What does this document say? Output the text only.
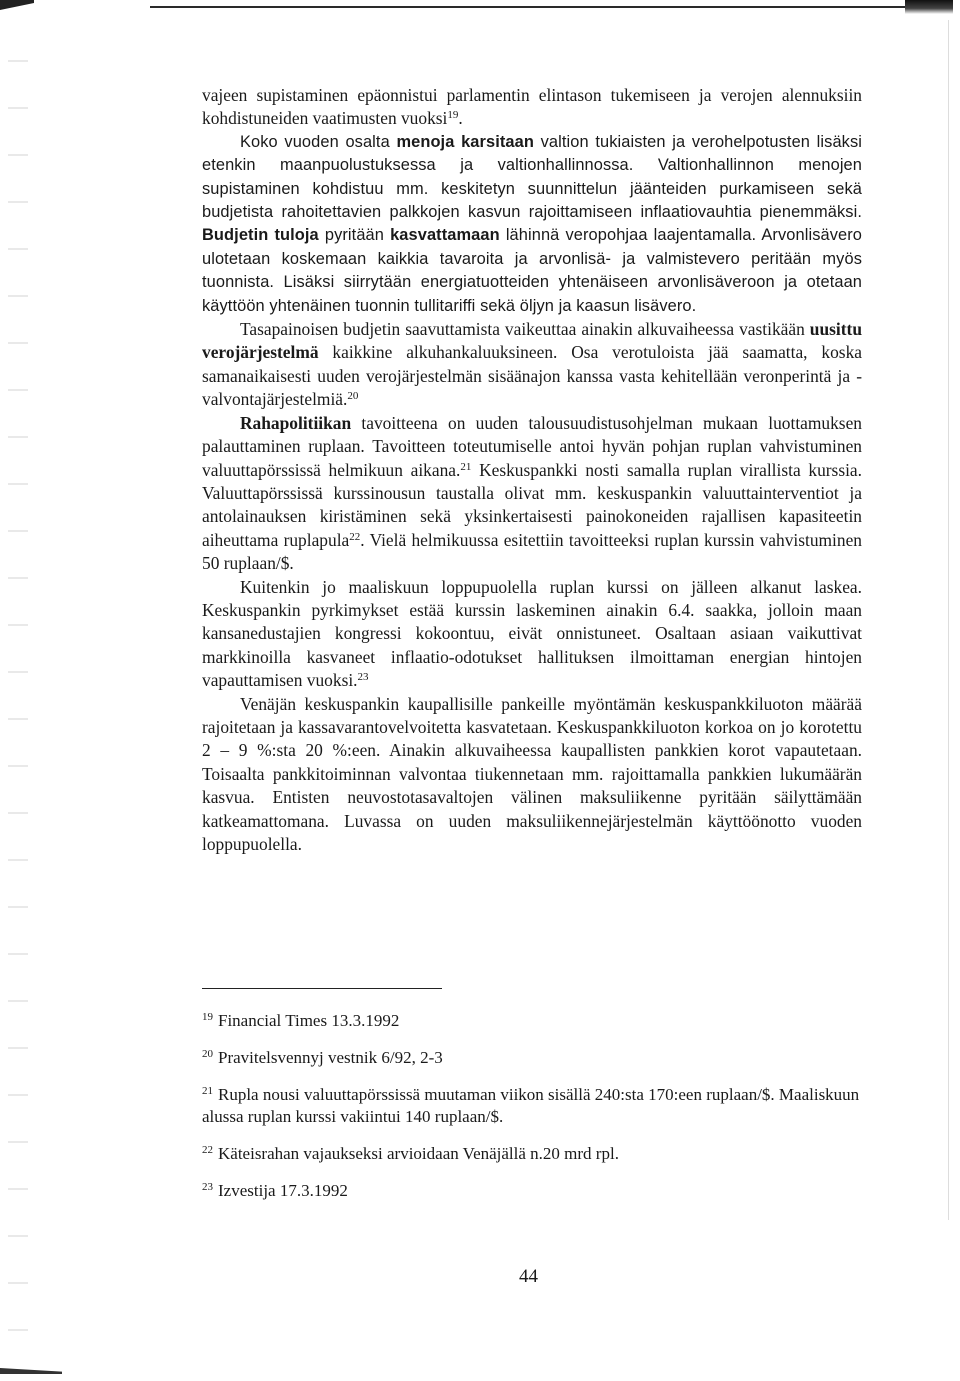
vajeen supistaminen epäonnistui parlamentin elintason tukemiseen ja verojen alennuksiin kohdistuneiden vaatimusten vuoksi$^{19}$.

Koko vuoden osalta menoja karsitaan valtion tukiaisten ja verohelpotusten lisäksi etenkin maanpuolustuksessa ja valtionhallinnossa. Valtionhallinnon menojen supistaminen kohdistuu mm. keskitetyn suunnittelun jäänteiden purkamiseen sekä budjetista rahoitettavien palkkojen kasvun rajoittamiseen inflaatiovauhtia pienemmäksi. Budjetin tuloja pyritään kasvattamaan lähinnä veropohjaa laajentamalla. Arvonlisävero ulotetaan koskemaan kaikkia tavaroita ja arvonlisä- ja valmistevero peritään myös tuonnista. Lisäksi siirrytään energiatuotteiden yhtenäiseen arvonlisäveroon ja otetaan käyttöön yhtenäinen tuonnin tullitariffi sekä öljyn ja kaasun lisävero.

Tasapainoisen budjetin saavuttamista vaikeuttaa ainakin alkuvaiheessa vastikään uusittu verojärjestelmä kaikkine alkuhankaluuksineen. Osa verotuloista jää saamatta, koska samanaikaisesti uuden verojärjestelmän sisäänajon kanssa vasta kehitellään veronperintä ja -valvontajärjestelmiä.$^{20}$

Rahapolitiikan tavoitteena on uuden talousuudistusohjelman mukaan luottamuksen palauttaminen ruplaan. Tavoitteen toteutumiselle antoi hyvän pohjan ruplan vahvistuminen valuuttapörssissä helmikuun aikana.$^{21}$ Keskuspankki nosti samalla ruplan virallista kurssia. Valuuttapörssissä kurssinousun taustalla olivat mm. keskuspankin valuuttainterventiot ja antolainauksen kiristäminen sekä yksinkertaisesti painokoneiden rajallisen kapasiteetin aiheuttama ruplapula$^{22}$. Vielä helmikuussa esitettiin tavoitteeksi ruplan kurssin vahvistuminen 50 ruplaan/$.

Kuitenkin jo maaliskuun loppupuolella ruplan kurssi on jälleen alkanut laskea. Keskuspankin pyrkimykset estää kurssin laskeminen ainakin 6.4. saakka, jolloin maan kansanedustajien kongressi kokoontuu, eivät onnistuneet. Osaltaan asiaan vaikuttivat markkinoilla kasvaneet inflaatio-odotukset hallituksen ilmoittaman energian hintojen vapauttamisen vuoksi.$^{23}$

Venäjän keskuspankin kaupallisille pankeille myöntämän keskuspankkiluoton määrää rajoitetaan ja kassavarantovelvoitetta kasvatetaan. Keskuspankkiluoton korkoa on jo korotettu 2 – 9 %:sta 20 %:een. Ainakin alkuvaiheessa kaupallisten pankkien korot vapautetaan. Toisaalta pankkitoiminnan valvontaa tiukennetaan mm. rajoittamalla pankkien lukumäärän kasvua. Entisten neuvostotasavaltojen välinen maksuliikenne pyritään säilyttämään katkeamattomana. Luvassa on uuden maksuliikennejärjestelmän käyttöönotto vuoden loppupuolella.

$^{19}$ Financial Times 13.3.1992

$^{20}$ Pravitelsvennyj vestnik 6/92, 2-3

$^{21}$ Rupla nousi valuuttapörssissä muutaman viikon sisällä 240:sta 170:een ruplaan/$. Maaliskuun alussa ruplan kurssi vakiintui 140 ruplaan/$.

$^{22}$ Käteisrahan vajaukseksi arvioidaan Venäjällä n.20 mrd rpl.

$^{23}$ Izvestija 17.3.1992

44
